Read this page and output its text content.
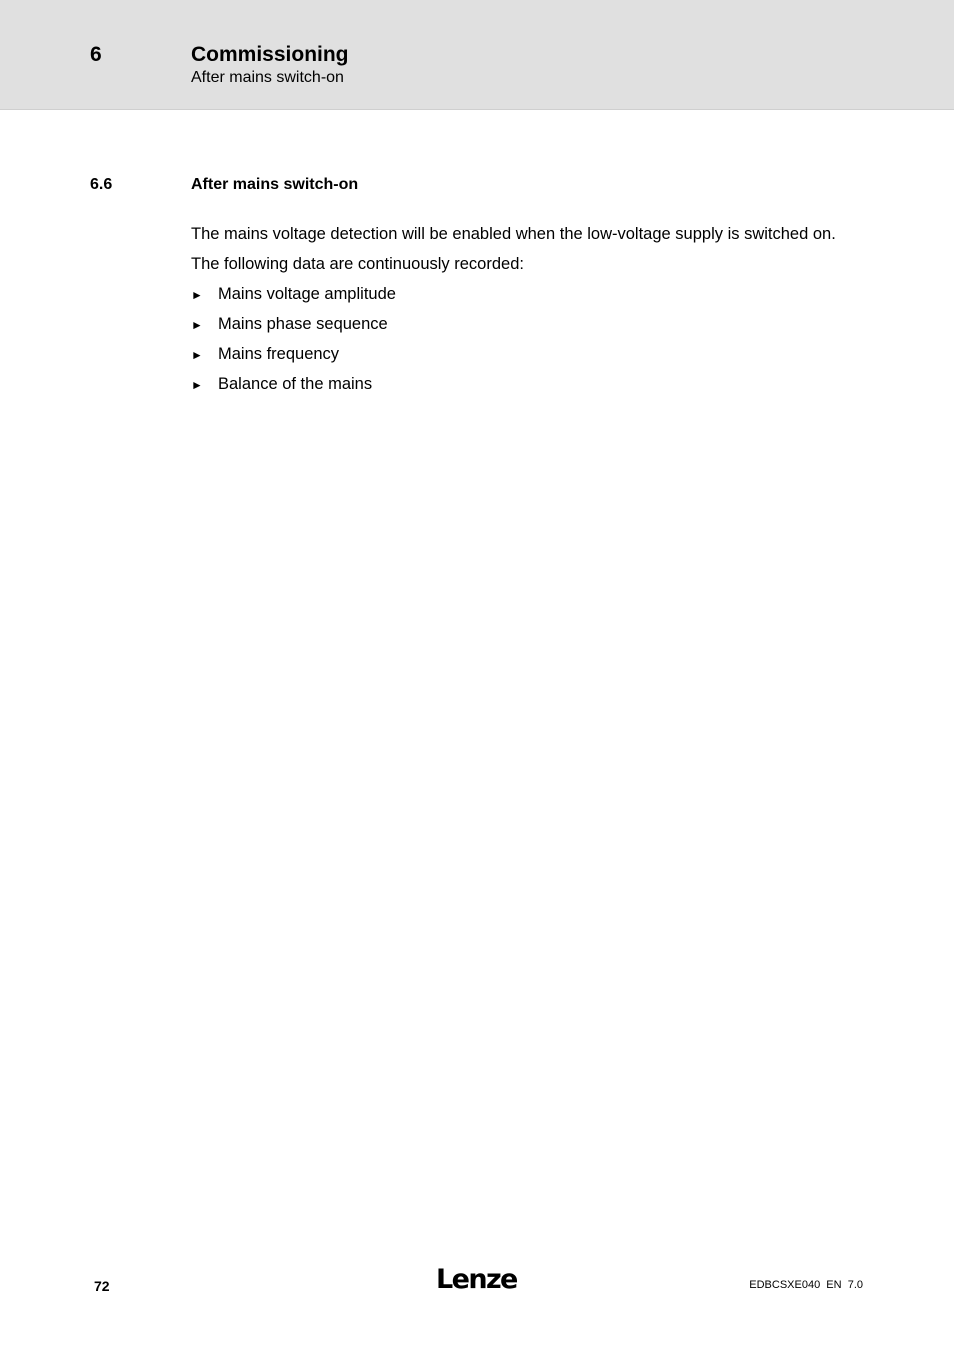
6	Commissioning
After mains switch-on
6.6	After mains switch-on
The mains voltage detection will be enabled when the low-voltage supply is switched on.
The following data are continuously recorded:
► Mains voltage amplitude
► Mains phase sequence
► Mains frequency
► Balance of the mains
72	Lenze	EDBCSXE040  EN  7.0
